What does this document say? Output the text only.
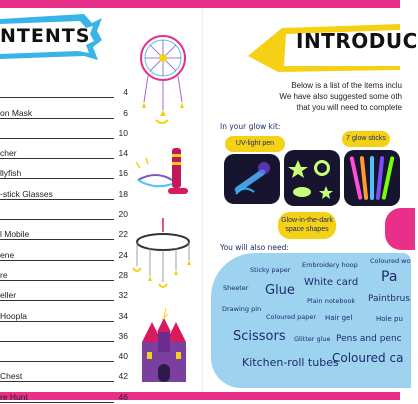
NTENTS
4
on Mask	6
10
cher	14
llyfish	16
-stick Glasses	18
20
l Mobile	22
ene	24
re	28
eller	32
Hoopla	34
36
40
Chest	42
re Hunt	46
INTRODUC
Below is a list of the items inclu
We have also suggested some oth
that you will need to complete
In your glow kit:
UV-light pen
7 glow sticks
Glow-in-the-dark
space shapes
You will also need:
Sticky paper
Embroidery hoop Coloured wo
Sheeter Glue
White card Pa
Plain notebook Paintbrus
Drawing pin
Coloured paper Hair gel	Hole pu
Scissors Glitter glue Pens and penc
Kitchen-roll tubes
Coloured ca
